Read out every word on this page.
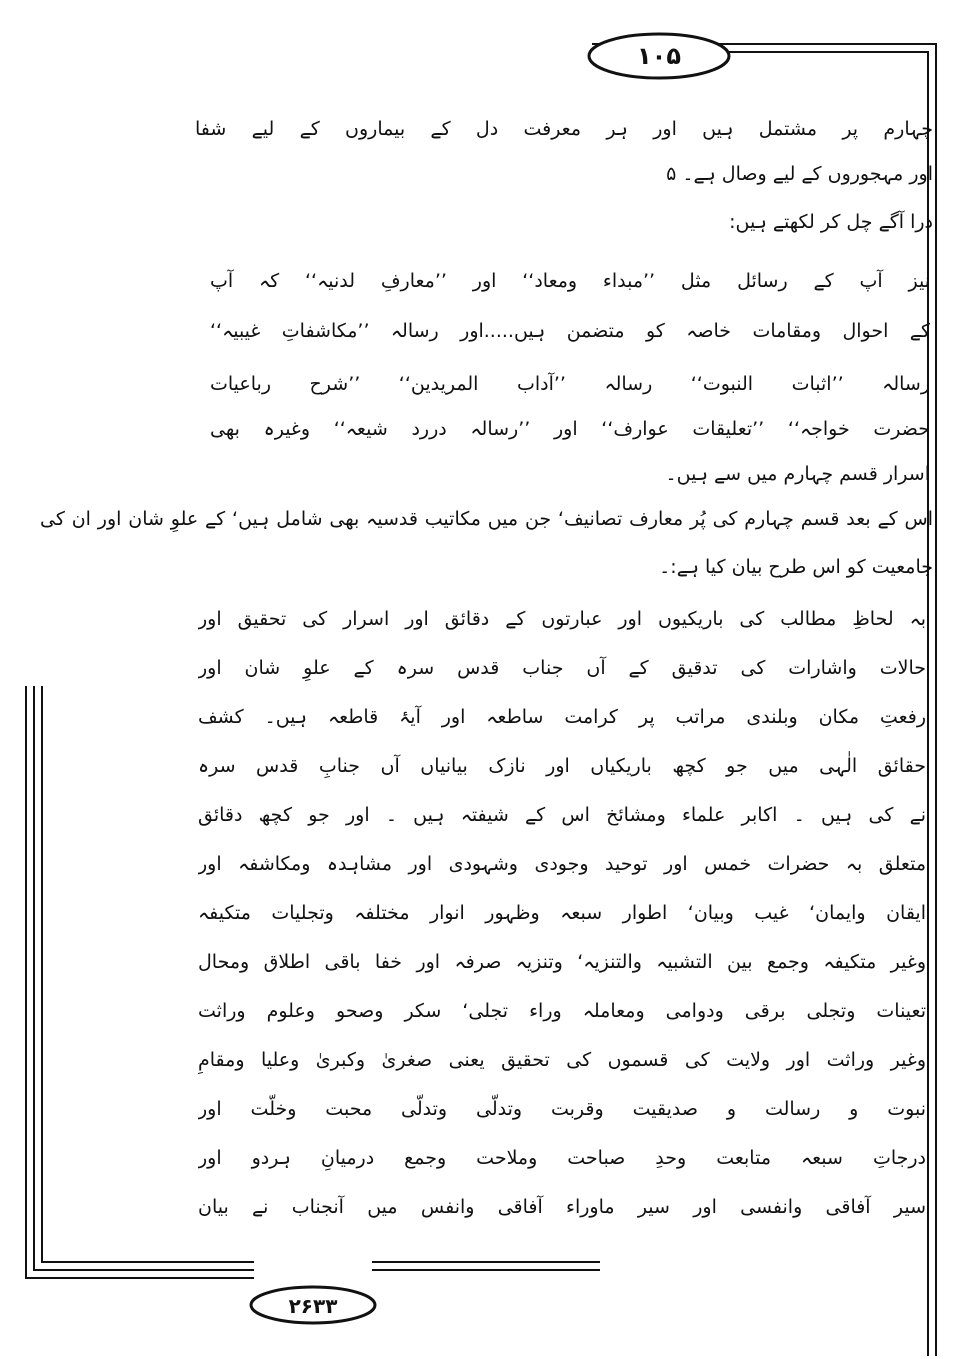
۱۰۵
۲۶۳۳
چہارم پر مشتمل ہیں اور ہر معرفت دل کے بیماروں کے لیے شفا
اور مہجوروں کے لیے وصال ہے۔ ۵
ذرا آگے چل کر لکھتے ہیں:
نیز آپ کے رسائل مثل ’’مبداء ومعاد‘‘ اور ’’معارفِ لدنیہ‘‘ کہ آپ
کے احوال ومقامات خاصہ کو متضمن ہیں.....اور رسالہ ’’مکاشفاتِ غیبیہ‘‘
رسالہ ’’اثبات النبوت‘‘ رسالہ ’’آداب المریدین‘‘ ’’شرح رباعیات
حضرت خواجہ‘‘ ’’تعلیقات عوارف‘‘ اور ’’رسالہ دررد شیعہ‘‘ وغیرہ بھی
اسرار قسم چہارم میں سے ہیں۔
اس کے بعد قسم چہارم کی پُر معارف تصانیف‘ جن میں مکاتیب قدسیہ بھی شامل ہیں‘ کے علوِ شان اور ان کی
جامعیت کو اس طرح بیان کیا ہے:۔
بہ لحاظِ مطالب کی باریکیوں اور عبارتوں کے دقائق اور اسرار کی تحقیق اور
حالات واشارات کی تدقیق کے آں جناب قدس سرہ کے علوِ شان اور
رفعتِ مکان وبلندی مراتب پر کرامت ساطعہ اور آیۂ قاطعہ ہیں۔ کشف
حقائق الٰہی میں جو کچھ باریکیاں اور نازک بیانیاں آں جنابِ قدس سرہ
نے کی ہیں ۔ اکابر علماء ومشائخ اس کے شیفتہ ہیں ۔ اور جو کچھ دقائق
متعلق بہ حضرات خمس اور توحید وجودی وشہودی اور مشاہدہ ومکاشفہ اور
ایقان وایمان‘ غیب وبیان‘ اطوار سبعہ وظہور انوار مختلفہ وتجلیات متکیفہ
وغیر متکیفہ وجمع بین التشبیہ والتنزیہ‘ وتنزیہ صرفہ اور خفا باقی اطلاق ومحال
تعینات وتجلی برقی ودوامی ومعاملہ وراء تجلی‘ سکر وصحو وعلوم وراثت
وغیر وراثت اور ولایت کی قسموں کی تحقیق یعنی صغریٰ وکبریٰ وعلیا ومقامِ
نبوت و رسالت و صدیقیت وقربت وتدلّی وتدلّی محبت وخلّت اور
درجاتِ سبعہ متابعت وحدِ صباحت وملاحت وجمع درمیانِ ہردو اور
سیر آفاقی وانفسی اور سیر ماوراء آفاقی وانفس میں آنجناب نے بیان
